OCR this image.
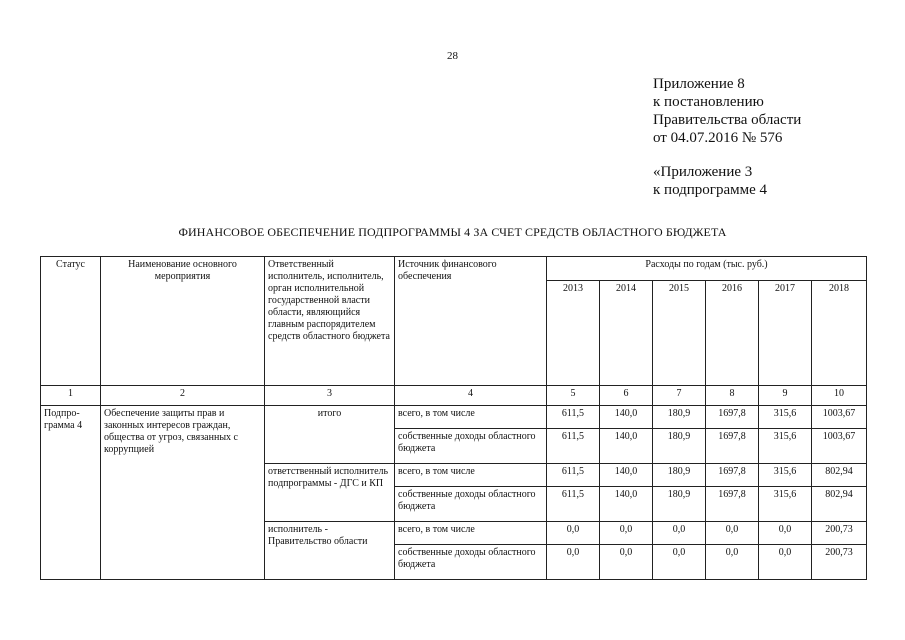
28
Приложение 8
к постановлению
Правительства области
от 04.07.2016 № 576
«Приложение 3
к подпрограмме 4
ФИНАНСОВОЕ ОБЕСПЕЧЕНИЕ ПОДПРОГРАММЫ 4 ЗА СЧЕТ СРЕДСТВ ОБЛАСТНОГО БЮДЖЕТА
Статус	Наименование основного мероприятия	Ответственный исполнитель, исполнитель, орган исполнительной государственной власти области, являющийся главным распорядителем средств областного бюджета	Источник финансового обеспечения	Расходы по годам (тыс. руб.)					
				2013	2014	2015	2016	2017	2018
1	2	3	4	5	6	7	8	9	10
Подпро-грамма 4	Обеспечение защиты прав и законных интересов граждан, общества от угроз, связанных с коррупцией	итого	всего, в том числе	611,5	140,0	180,9	1697,8	315,6	1003,67
			собственные доходы областного бюджета	611,5	140,0	180,9	1697,8	315,6	1003,67
		ответственный исполнитель подпрограммы - ДГС и КП	всего, в том числе	611,5	140,0	180,9	1697,8	315,6	802,94
			собственные доходы областного бюджета	611,5	140,0	180,9	1697,8	315,6	802,94
		исполнитель - Правительство области	всего, в том числе	0,0	0,0	0,0	0,0	0,0	200,73
			собственные доходы областного бюджета	0,0	0,0	0,0	0,0	0,0	200,73
